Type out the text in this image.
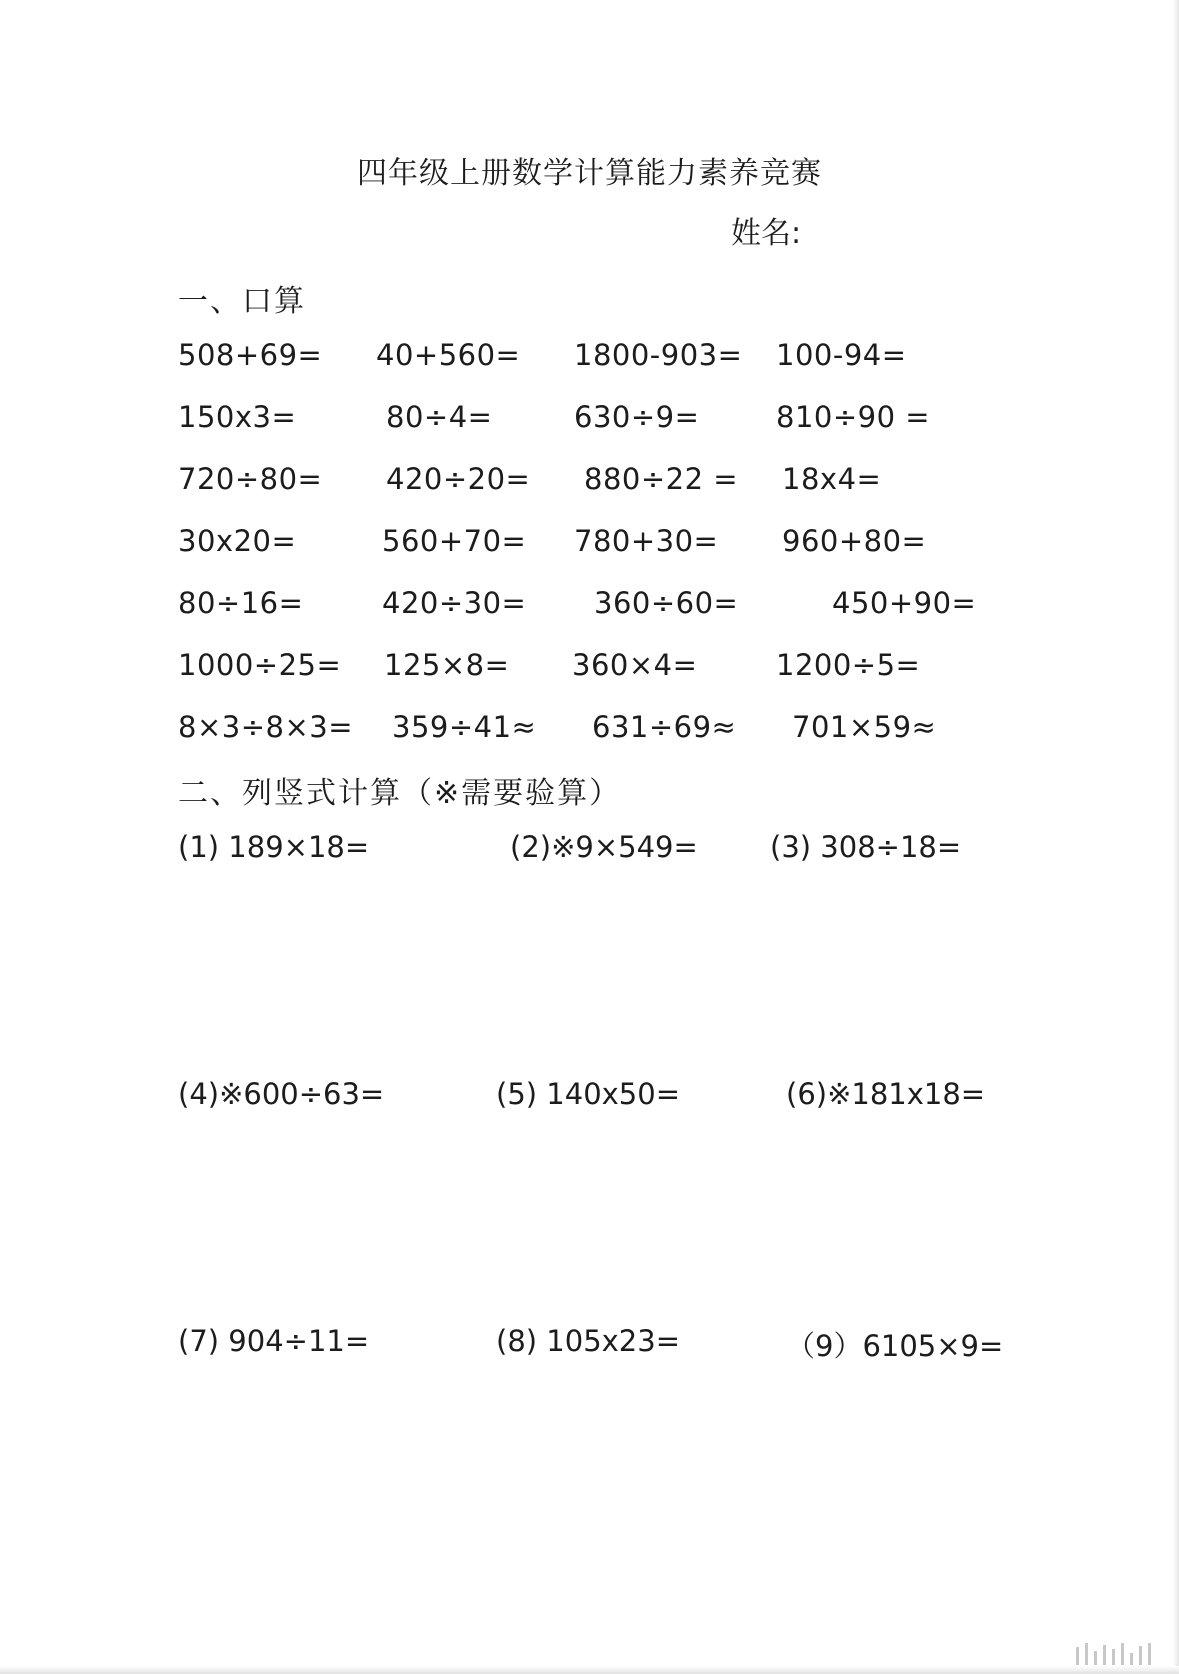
四年级上册数学计算能力素养竞赛
姓名:
一、口算
508+69= 40+560= 1800-903= 100-94=
150x3=	80÷4=	630÷9=	810÷90 =
720÷80= 420÷20= 880÷22 = 18x4=
30x20=	560+70= 780+30= 960+80=
80÷16=	420÷30= 360÷60=	450+90=
1000÷25= 125×8= 360×4=	1200÷5=
8×3÷8×3= 359÷41≈ 631÷69≈ 701×59≈
二、列竖式计算（※需要验算）
(1) 189×18=	(2)※9×549= (3) 308÷18=
(4)※600÷63=	(5) 140x50=	(6)※181x18=
(7) 904÷11=	(8) 105x23=	（9）6105×9=
